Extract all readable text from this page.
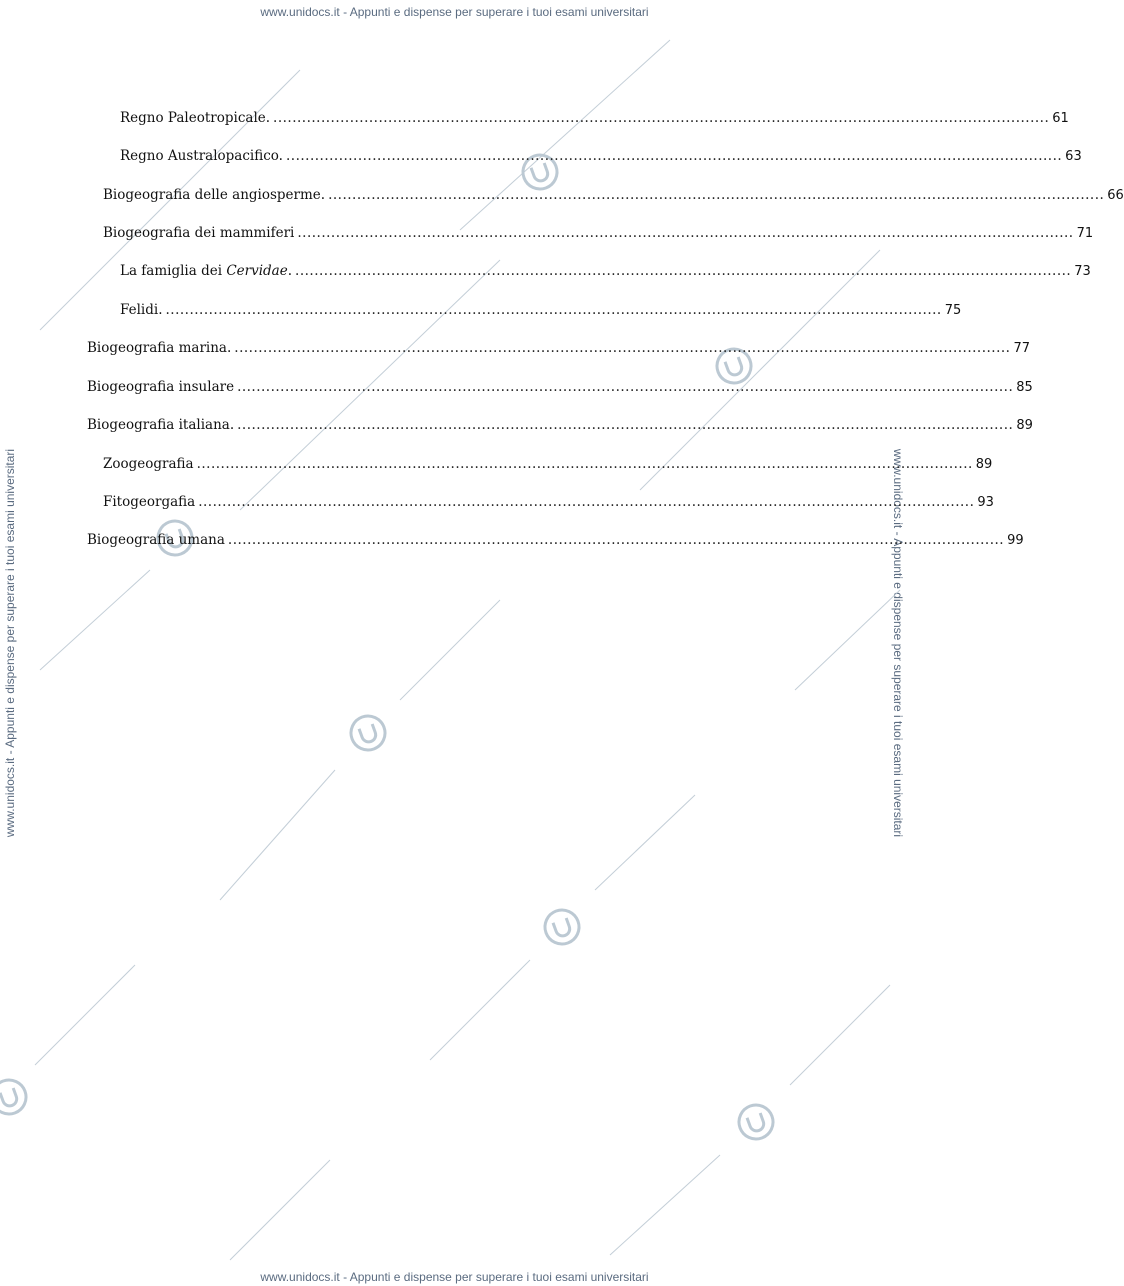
www.unidocs.it - Appunti e dispense per superare i tuoi esami universitari
www.unidocs.it - Appunti e dispense per superare i tuoi esami universitari
www.unidocs.it - Appunti e dispense per superare i tuoi esami universitari	www.unidocs.it - Appunti e dispense per superare i tuoi esami universitari
Regno Paleotropicale. .................................................................................................................................................................. 61
Regno Australopacifico. .................................................................................................................................................................. 63
Biogeografia delle angiosperme. .................................................................................................................................................................. 66
Biogeografia dei mammiferi .................................................................................................................................................................. 71
La famiglia dei Cervidae. .................................................................................................................................................................. 73
Felidi. .................................................................................................................................................................. 75
Biogeografia marina. .................................................................................................................................................................. 77
Biogeografia insulare .................................................................................................................................................................. 85
Biogeografia italiana. .................................................................................................................................................................. 89
Zoogeografia .................................................................................................................................................................. 89
Fitogeorgafia .................................................................................................................................................................. 93
Biogeografia umana .................................................................................................................................................................. 99
